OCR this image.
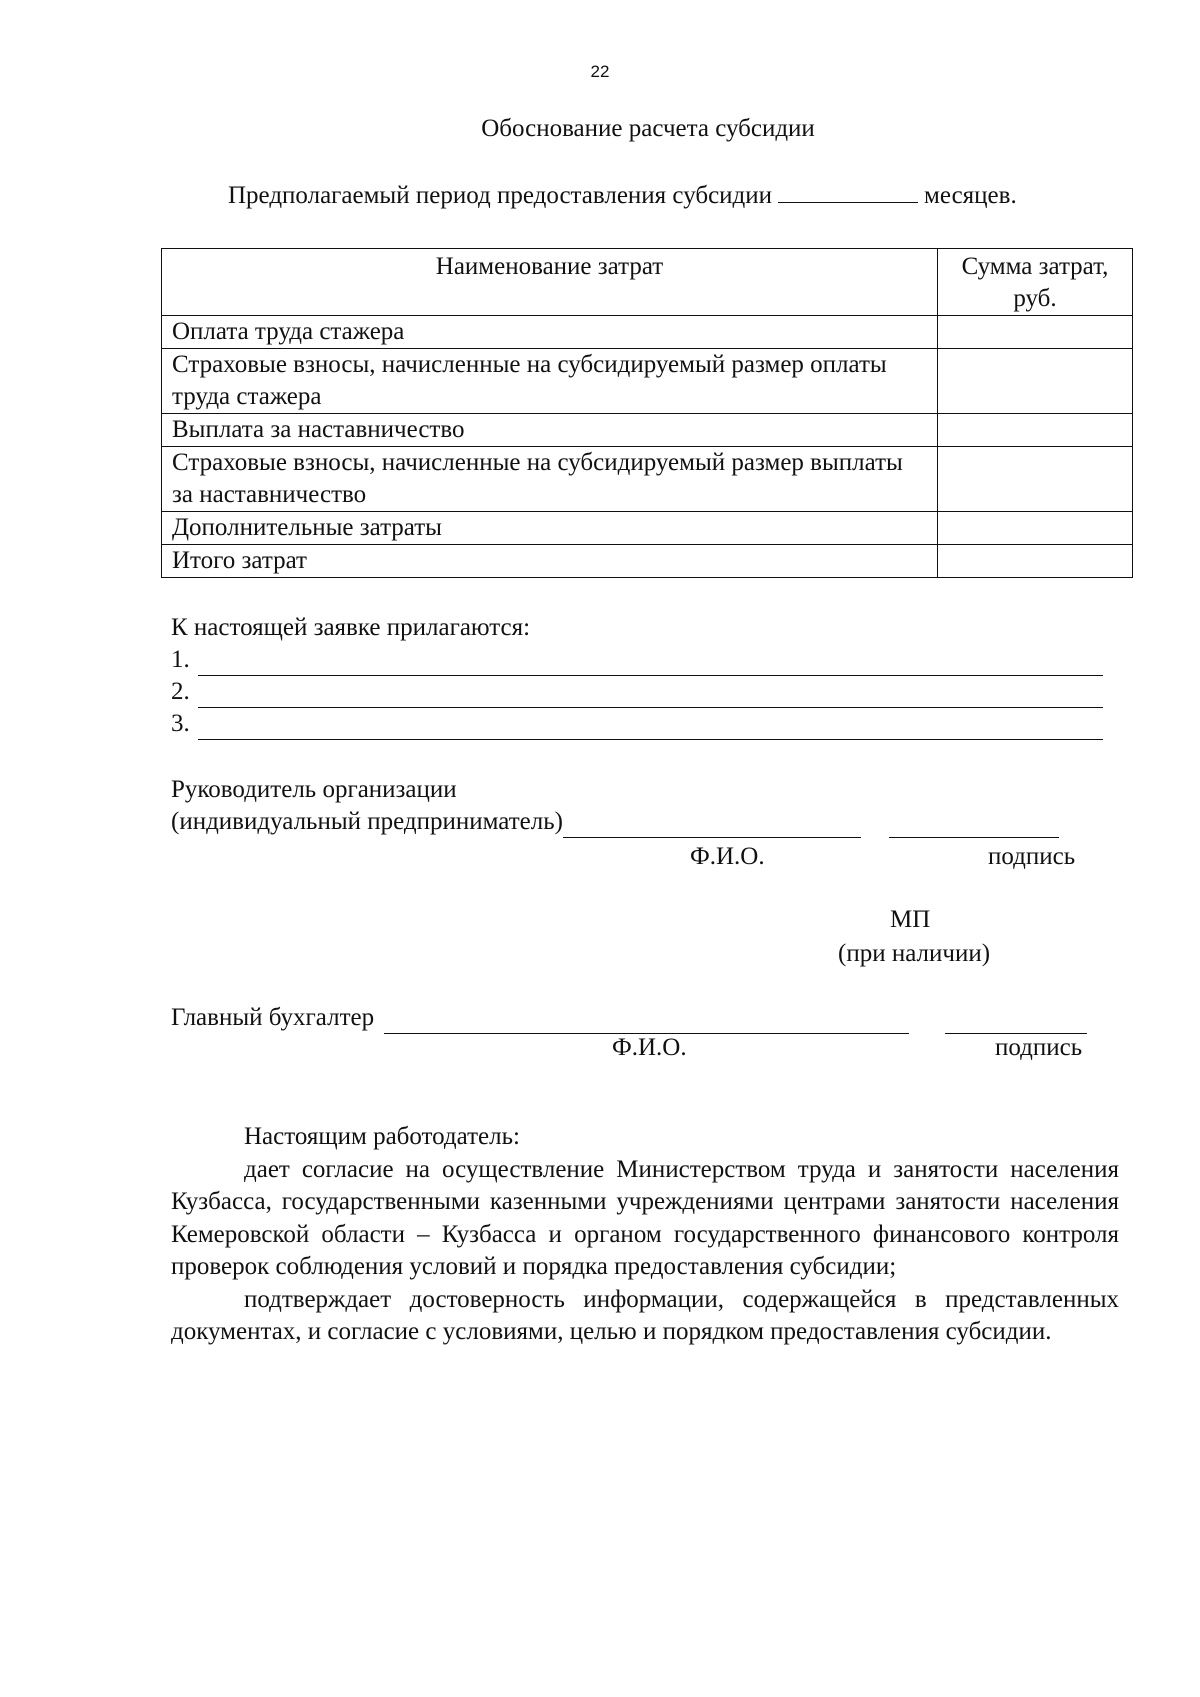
22
Обоснование расчета субсидии
Предполагаемый период предоставления субсидии	месяцев.
Наименование затрат	Сумма затрат, руб.
Оплата труда стажера	
Страховые взносы, начисленные на субсидируемый размер оплаты труда стажера	
Выплата за наставничество	
Страховые взносы, начисленные на субсидируемый размер выплаты за наставничество	
Дополнительные затраты	
Итого затрат	
К настоящей заявке прилагаются:
1.
2.
3.
Руководитель организации
(индивидуальный предприниматель)
Ф.И.О.	подпись
МП
(при наличии)
Главный бухгалтер
Ф.И.О.	подпись

Настоящим работодатель:

дает согласие на осуществление Министерством труда и занятости населения Кузбасса, государственными казенными учреждениями центрами занятости населения Кемеровской области – Кузбасса и органом государственного финансового контроля проверок соблюдения условий и порядка предоставления субсидии;

подтверждает достоверность информации, содержащейся в представленных документах, и согласие с условиями, целью и порядком предоставления субсидии.
